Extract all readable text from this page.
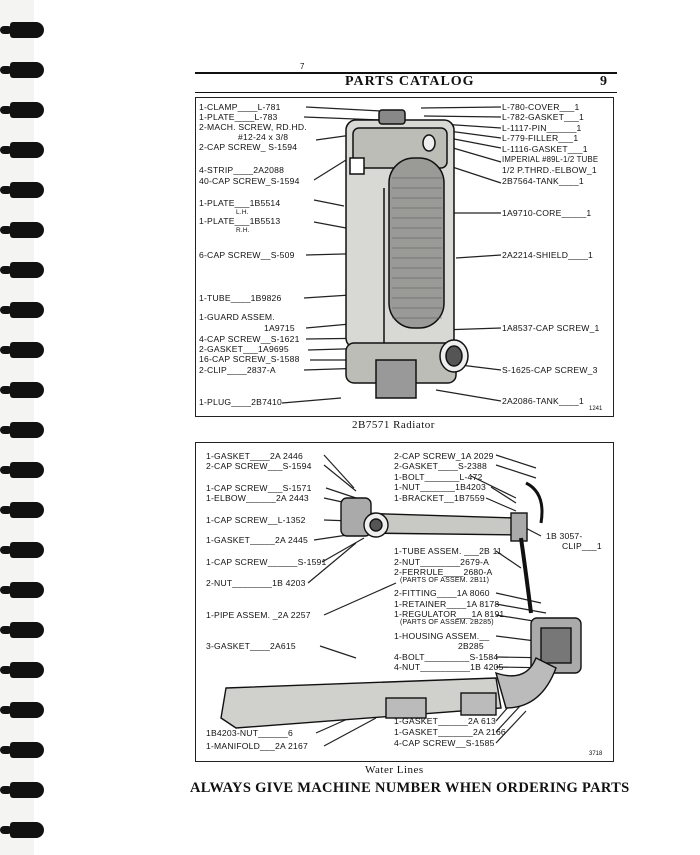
7
PARTS CATALOG	9
1-CLAMP____L-781
1-PLATE____L-783
2-MACH. SCREW, RD.HD.
#12-24 x 3/8
2-CAP SCREW_ S-1594
4-STRIP____2A2088
40-CAP SCREW_S-1594
1-PLATE___1B5514
L.H.
1-PLATE___1B5513
R.H.
6-CAP SCREW__S-509
1-TUBE____1B9826
1-GUARD ASSEM.
1A9715
4-CAP SCREW__S-1621
2-GASKET___1A9695
16-CAP SCREW_S-1588
2-CLIP____2837-A
1-PLUG____2B7410
L-780-COVER___1
L-782-GASKET___1
L-1117-PIN______1
L-779-FILLER___1
L-1116-GASKET___1
IMPERIAL #89L-1/2 TUBE
1/2 P.THRD.-ELBOW_1
2B7564-TANK____1
1A9710-CORE_____1
2A2214-SHIELD____1
1A8537-CAP SCREW_1
S-1625-CAP SCREW_3
2A2086-TANK____1
1241
2B7571 Radiator
1-GASKET____2A 2446
2-CAP SCREW___S-1594
1-CAP SCREW___S-1571
1-ELBOW______2A 2443
1-CAP SCREW__L-1352
1-GASKET_____2A 2445
1-CAP SCREW______S-1591
2-NUT________1B 4203
1-PIPE ASSEM. _2A 2257
3-GASKET____2A615
1B4203-NUT______6
1-MANIFOLD___2A 2167
2-CAP SCREW_1A 2029
2-GASKET____S-2388
1-BOLT_______L-472
1-NUT_______1B4203
1-BRACKET__1B7559
1B 3057-
CLIP___1
1-TUBE ASSEM. ___2B 11
2-NUT________2679-A
2-FERRULE____2680-A
(PARTS OF ASSEM. 2B11)
2-FITTING____1A 8060
1-RETAINER____1A 8178
1-REGULATOR___1A 8191
(PARTS OF ASSEM. 2B285)
1-HOUSING ASSEM.__
2B285
4-BOLT_________S-1584
4-NUT__________1B 4205
1-GASKET______2A 613
1-GASKET_______2A 2166
4-CAP SCREW__S-1585
3718
Water Lines
ALWAYS GIVE MACHINE NUMBER WHEN ORDERING PARTS
